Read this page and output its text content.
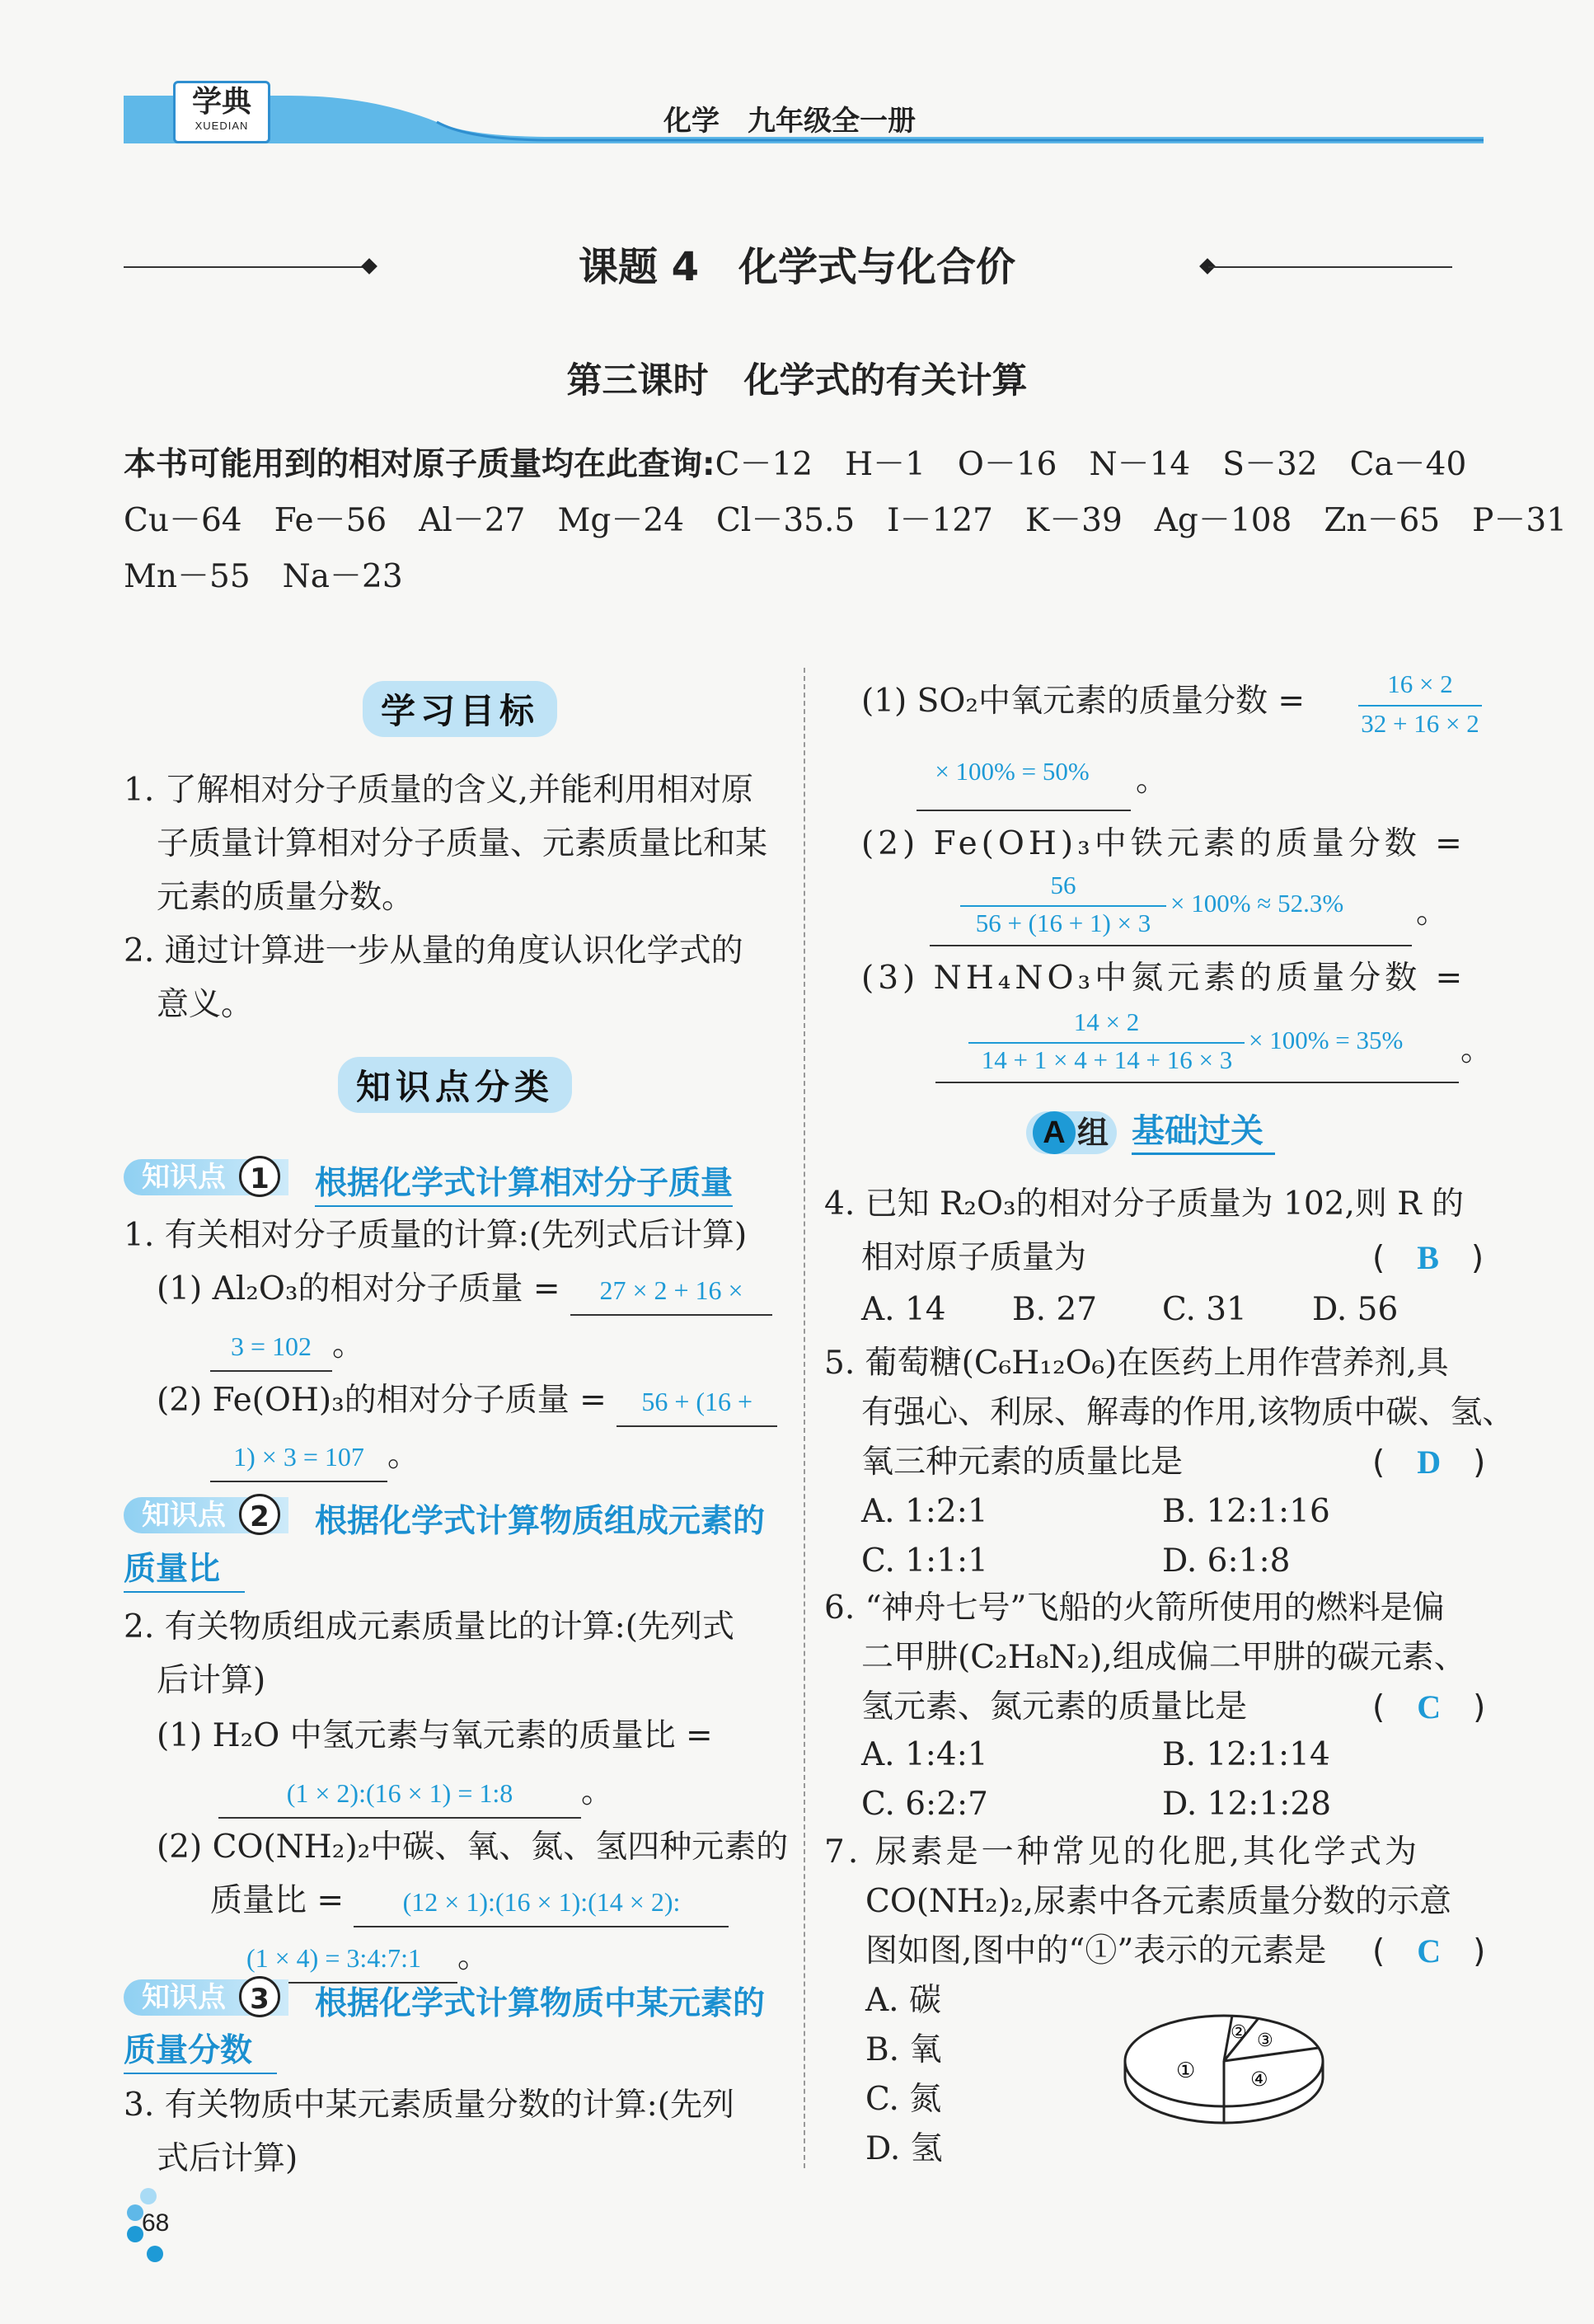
学典
XUEDIAN	化学　九年级全一册
课题 4　化学式与化合价
第三课时　化学式的有关计算
本书可能用到的相对原子质量均在此查询:C－12　H－1　O－16　N－14　S－32　Ca－40
Cu－64　Fe－56　Al－27　Mg－24　Cl－35.5　I－127　K－39　Ag－108　Zn－65　P－31
Mn－55　Na－23
学习目标
1. 了解相对分子质量的含义,并能利用相对原
子质量计算相对分子质量、元素质量比和某
元素的质量分数。
2. 通过计算进一步从量的角度认识化学式的
意义。
知识点分类
知识点 1	根据化学式计算相对分子质量
1. 有关相对分子质量的计算:(先列式后计算)
(1) Al₂O₃的相对分子质量 = 27 × 2 + 16 ×
3 = 102 。
(2) Fe(OH)₃的相对分子质量 = 56 + (16 +
1) × 3 = 107 。
知识点 2	根据化学式计算物质组成元素的
质量比
2. 有关物质组成元素质量比的计算:(先列式
后计算)
(1) H₂O 中氢元素与氧元素的质量比 =
(1 × 2):(16 × 1) = 1:8 。
(2) CO(NH₂)₂中碳、氧、氮、氢四种元素的
质量比 = (12 × 1):(16 × 1):(14 × 2):
(1 × 4) = 3:4:7:1 。
知识点 3	根据化学式计算物质中某元素的
质量分数
3. 有关物质中某元素质量分数的计算:(先列
式后计算)
(1) SO₂中氧元素的质量分数 =	16 × 2
32 + 16 × 2
× 100% = 50%	。
(2) Fe(OH)₃中铁元素的质量分数 =
56
56 + (16 + 1) × 3
× 100% ≈ 52.3%	。
(3) NH₄NO₃中氮元素的质量分数 =
14 × 2
14 + 1 × 4 + 14 + 16 × 3
× 100% = 35%	。
A 组 基础过关
4. 已知 R₂O₃的相对分子质量为 102,则 R 的
相对原子质量为	(　B　)
A. 14 B. 27 C. 31 D. 56
5. 葡萄糖(C₆H₁₂O₆)在医药上用作营养剂,具
有强心、利尿、解毒的作用,该物质中碳、氢、
氧三种元素的质量比是	(　D　)
A. 1:2:1	B. 12:1:16
C. 1:1:1	D. 6:1:8
6. “神舟七号”飞船的火箭所使用的燃料是偏
二甲肼(C₂H₈N₂),组成偏二甲肼的碳元素、
氢元素、氮元素的质量比是	(　C　)
A. 1:4:1	B. 12:1:14
C. 6:2:7	D. 12:1:28
7. 尿素是一种常见的化肥,其化学式为
CO(NH₂)₂,尿素中各元素质量分数的示意
图如图,图中的“①”表示的元素是 (　C　)
A. 碳
B. 氧
C. 氮
D. 氢
①
② ③
④
68
